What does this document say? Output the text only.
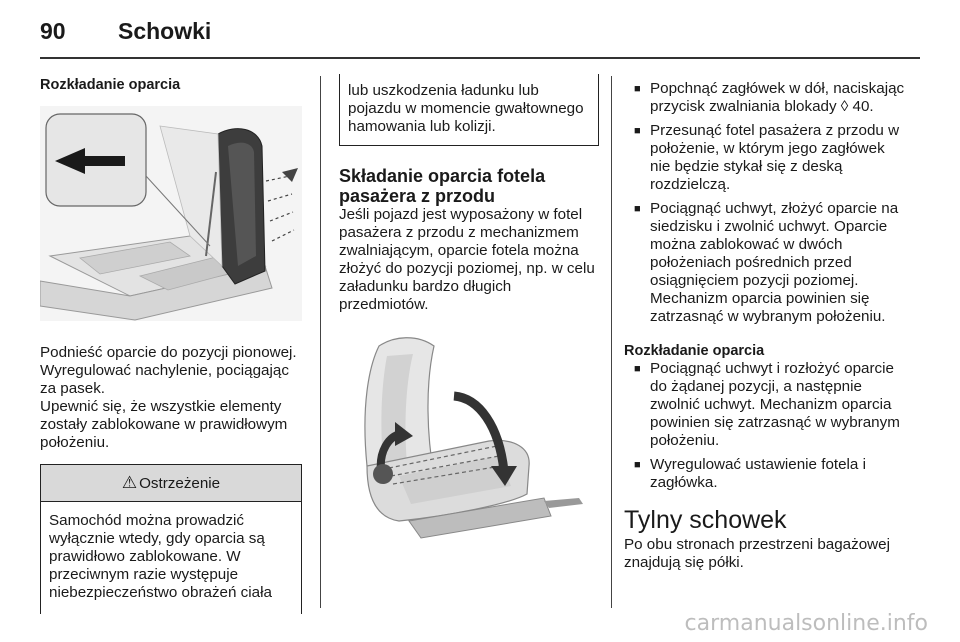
90 Schowki
Rozkładanie oparcia

Podnieść oparcie do pozycji pionowej. Wyregulować nachylenie, pociągając za pasek.

Upewnić się, że wszystkie elementy zostały zablokowane w prawidłowym położeniu.

⚠ Ostrzeżenie

Samochód można prowadzić wyłącznie wtedy, gdy oparcia są prawidłowo zablokowane. W przeciwnym razie występuje niebezpieczeństwo obrażeń ciała

lub uszkodzenia ładunku lub pojazdu w momencie gwałtownego hamowania lub kolizji.

Składanie oparcia fotela pasażera z przodu

Jeśli pojazd jest wyposażony w fotel pasażera z przodu z mechanizmem zwalniającym, oparcie fotela można złożyć do pozycji poziomej, np. w celu załadunku bardzo długich przedmiotów.

■ Popchnąć zagłówek w dół, naciskając przycisk zwalniania blokady ◊ 40.
■ Przesunąć fotel pasażera z przodu w położenie, w którym jego zagłówek nie będzie stykał się z deską rozdzielczą.
■ Pociągnąć uchwyt, złożyć oparcie na siedzisku i zwolnić uchwyt. Oparcie można zablokować w dwóch położeniach pośrednich przed osiągnięciem pozycji poziomej. Mechanizm oparcia powinien się zatrzasnąć w wybranym położeniu.
Rozkładanie oparcia
■ Pociągnąć uchwyt i rozłożyć oparcie do żądanej pozycji, a następnie zwolnić uchwyt. Mechanizm oparcia powinien się zatrzasnąć w wybranym położeniu.
■ Wyregulować ustawienie fotela i zagłówka.
Tylny schowek

Po obu stronach przestrzeni bagażowej znajdują się półki.

carmanualsonline.info
